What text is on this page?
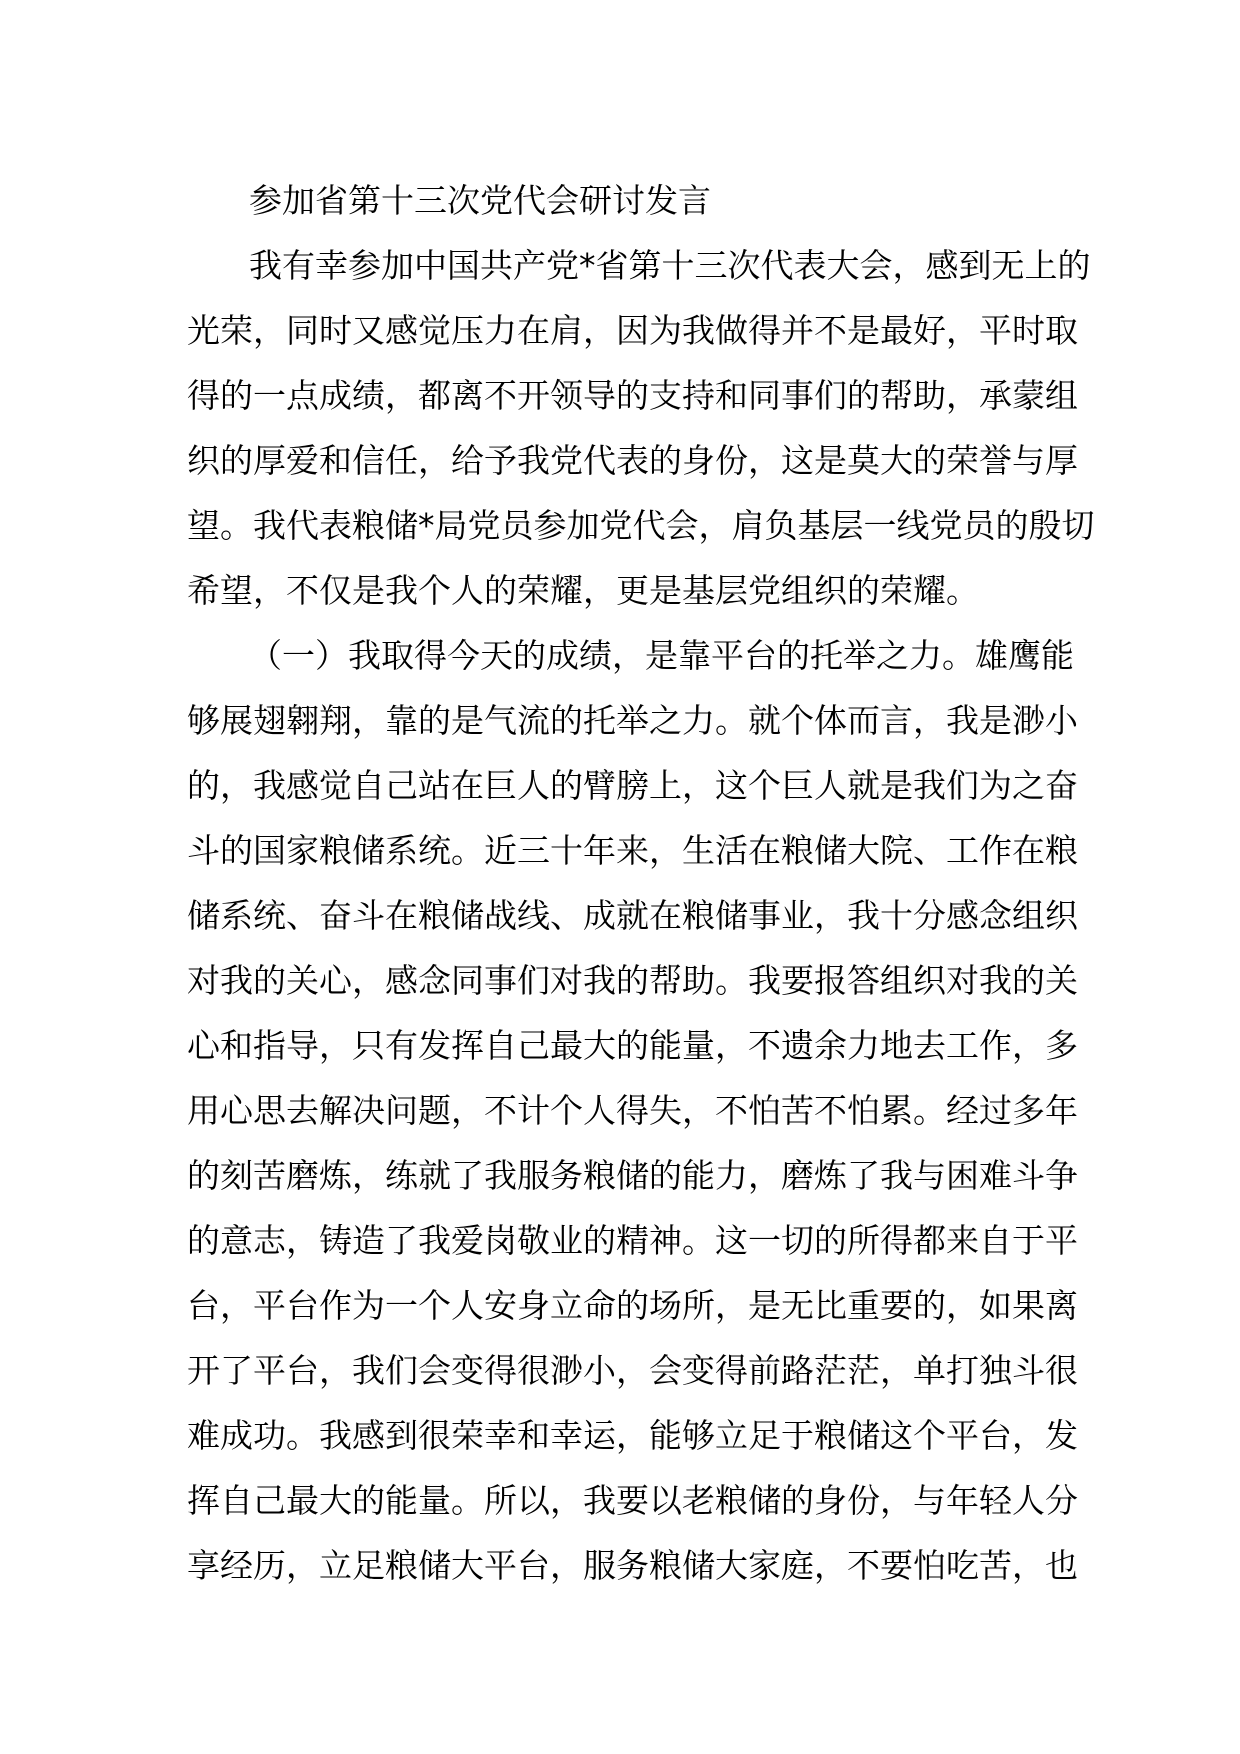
参加省第十三次党代会研讨发言
我有幸参加中国共产党*省第十三次代表大会，感到无上的
光荣，同时又感觉压力在肩，因为我做得并不是最好，平时取
得的一点成绩，都离不开领导的支持和同事们的帮助，承蒙组
织的厚爱和信任，给予我党代表的身份，这是莫大的荣誉与厚
望。我代表粮储*局党员参加党代会，肩负基层一线党员的殷切
希望，不仅是我个人的荣耀，更是基层党组织的荣耀。
（一）我取得今天的成绩，是靠平台的托举之力。雄鹰能
够展翅翱翔，靠的是气流的托举之力。就个体而言，我是渺小
的，我感觉自己站在巨人的臂膀上，这个巨人就是我们为之奋
斗的国家粮储系统。近三十年来，生活在粮储大院、工作在粮
储系统、奋斗在粮储战线、成就在粮储事业，我十分感念组织
对我的关心，感念同事们对我的帮助。我要报答组织对我的关
心和指导，只有发挥自己最大的能量，不遗余力地去工作，多
用心思去解决问题，不计个人得失，不怕苦不怕累。经过多年
的刻苦磨炼，练就了我服务粮储的能力，磨炼了我与困难斗争
的意志，铸造了我爱岗敬业的精神。这一切的所得都来自于平
台，平台作为一个人安身立命的场所，是无比重要的，如果离
开了平台，我们会变得很渺小，会变得前路茫茫，单打独斗很
难成功。我感到很荣幸和幸运，能够立足于粮储这个平台，发
挥自己最大的能量。所以，我要以老粮储的身份，与年轻人分
享经历，立足粮储大平台，服务粮储大家庭，不要怕吃苦，也
